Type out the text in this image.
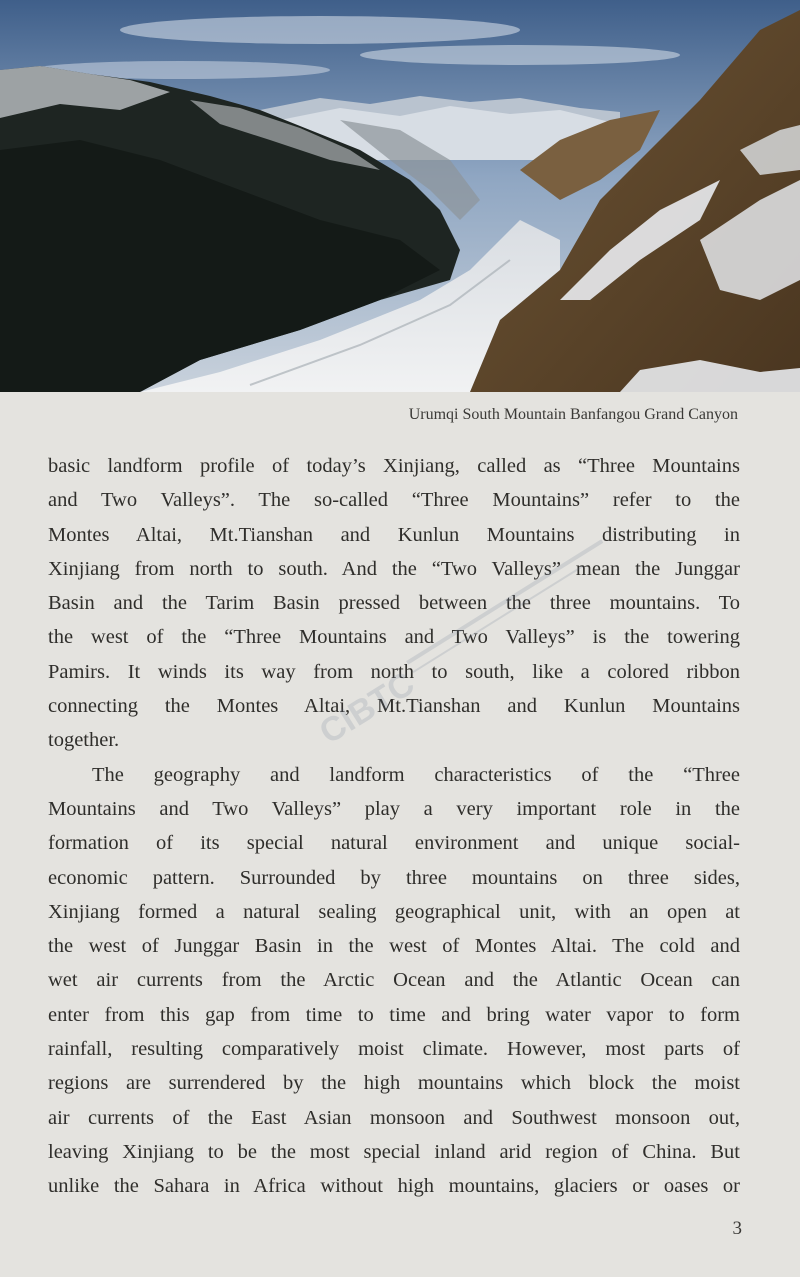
Urumqi South Mountain Banfangou Grand Canyon

basic landform profile of today’s Xinjiang, called as “Three Mountains
and Two Valleys”. The so-called “Three Mountains” refer to the
Montes Altai, Mt.Tianshan and Kunlun Mountains distributing in
Xinjiang from north to south. And the “Two Valleys” mean the Junggar
Basin and the Tarim Basin pressed between the three mountains. To
the west of the “Three Mountains and Two Valleys” is the towering
Pamirs. It winds its way from north to south, like a colored ribbon
connecting the Montes Altai, Mt.Tianshan and Kunlun Mountains
together.

The geography and landform characteristics of the “Three
Mountains and Two Valleys” play a very important role in the
formation of its special natural environment and unique social-
economic pattern. Surrounded by three mountains on three sides,
Xinjiang formed a natural sealing geographical unit, with an open at
the west of Junggar Basin in the west of Montes Altai. The cold and
wet air currents from the Arctic Ocean and the Atlantic Ocean can
enter from this gap from time to time and bring water vapor to form
rainfall, resulting comparatively moist climate. However, most parts of
regions are surrendered by the high mountains which block the moist
air currents of the East Asian monsoon and Southwest monsoon out,
leaving Xinjiang to be the most special inland arid region of China. But
unlike the Sahara in Africa without high mountains, glaciers or oases or

CIBTC
3
